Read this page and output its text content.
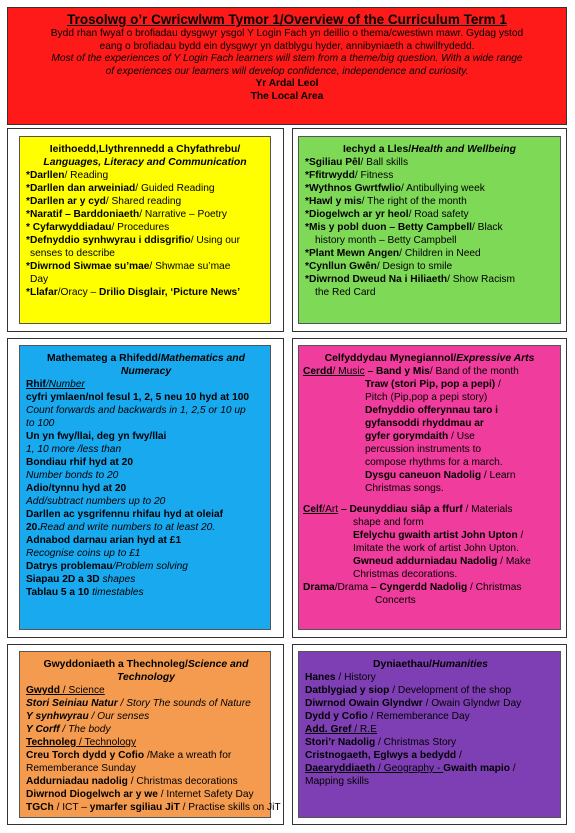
Trosolwg o’r Cwricwlwm Tymor 1/Overview of the Curriculum Term 1
Bydd rhan fwyaf o brofiadau dysgwyr ysgol Y Login Fach yn deillio o thema/cwestiwn mawr. Gydag ystod
eang o brofiadau bydd ein dysgwyr yn datblygu hyder, annibyniaeth a chwilfrydedd.
Most of the experiences of Y Login Fach learners will stem from a theme/big question. With a wide range
of experiences our learners will develop confidence, independence and curiosity.
Yr Ardal Leol
The Local Area
Ieithoedd,Llythrennedd a Chyfathrebu/
Languages, Literacy and Communication
*Darllen/ Reading
*Darllen dan arweiniad/ Guided Reading
*Darllen ar y cyd/ Shared reading
*Naratif – Barddoniaeth/ Narrative – Poetry
* Cyfarwyddiadau/ Procedures
*Defnyddio synhwyrau i ddisgrifio/ Using our
senses to describe
*Diwrnod Siwmae su’mae/ Shwmae su’mae
Day
*Llafar/Oracy – Drilio Disglair, ‘Picture News’
Iechyd a Lles/Health and Wellbeing
*Sgiliau Pêl/ Ball skills
*Ffitrwydd/ Fitness
*Wythnos Gwrtfwlio/ Antibullying week
*Hawl y mis/ The right of the month
*Diogelwch ar yr heol/ Road safety
*Mis y pobl duon – Betty Campbell/ Black
history month – Betty Campbell
*Plant Mewn Angen/ Children in Need
*Cynllun Gwên/ Design to smile
*Diwrnod Dweud Na i Hiliaeth/ Show Racism
the Red Card
Mathemateg a Rhifedd/Mathematics and
Numeracy
Rhif/Number
cyfri ymlaen/nol fesul 1, 2, 5 neu 10 hyd at 100
Count forwards and backwards in 1, 2,5 or 10 up
to 100
Un yn fwy/llai, deg yn fwy/llai
1, 10 more /less than
Bondiau rhif hyd at 20
Number bonds to 20
Adio/tynnu hyd at 20
Add/subtract numbers up to 20
Darllen ac ysgrifennu rhifau hyd at oleiaf
20.Read and write numbers to at least 20.
Adnabod darnau arian hyd at £1
Recognise coins up to £1
Datrys problemau/Problem solving
Siapau 2D a 3D shapes
Tablau 5 a 10 timestables
Celfyddydau Mynegiannol/Expressive Arts
Cerdd/ Music – Band y Mis/ Band of the month
Traw (stori Pip, pop a pepi) /
Pitch (Pip,pop a pepi story)
Defnyddio offerynnau taro i
gyfansoddi rhyddmau ar
gyfer gorymdaith / Use
percussion instruments to
compose rhythms for a march.
Dysgu caneuon Nadolig / Learn
Christmas songs.
Celf/Art – Deunyddiau siâp a ffurf / Materials
shape and form
Efelychu gwaith artist John Upton /
Imitate the work of artist John Upton.
Gwneud addurniadau Nadolig / Make
Christmas decorations.
Drama/Drama – Cyngerdd Nadolig / Christmas
Concerts
Gwyddoniaeth a Thechnoleg/Science and
Technology
Gwydd / Science
Stori Seiniau Natur / Story The sounds of Nature
Y synhwyrau / Our senses
Y Corff / The body
Technoleg / Technology
Creu Torch dydd y Cofio /Make a wreath for
Rememberance Sunday
Addurniadau nadolig / Christmas decorations
Diwrnod Diogelwch ar y we / Internet Safety Day
TGCh / ICT – ymarfer sgiliau JiT / Practise skills on JiT
Dyniaethau/Humanities
Hanes / History
Datblygiad y siop / Development of the shop
Diwrnod Owain Glyndwr / Owain Glyndwr Day
Dydd y Cofio / Rememberance Day
Add. Gref / R.E
Stori’r Nadolig / Christmas Story
Cristnogaeth, Eglwys a bedydd /
Daearyddiaeth / Geography - Gwaith mapio /
Mapping skills
